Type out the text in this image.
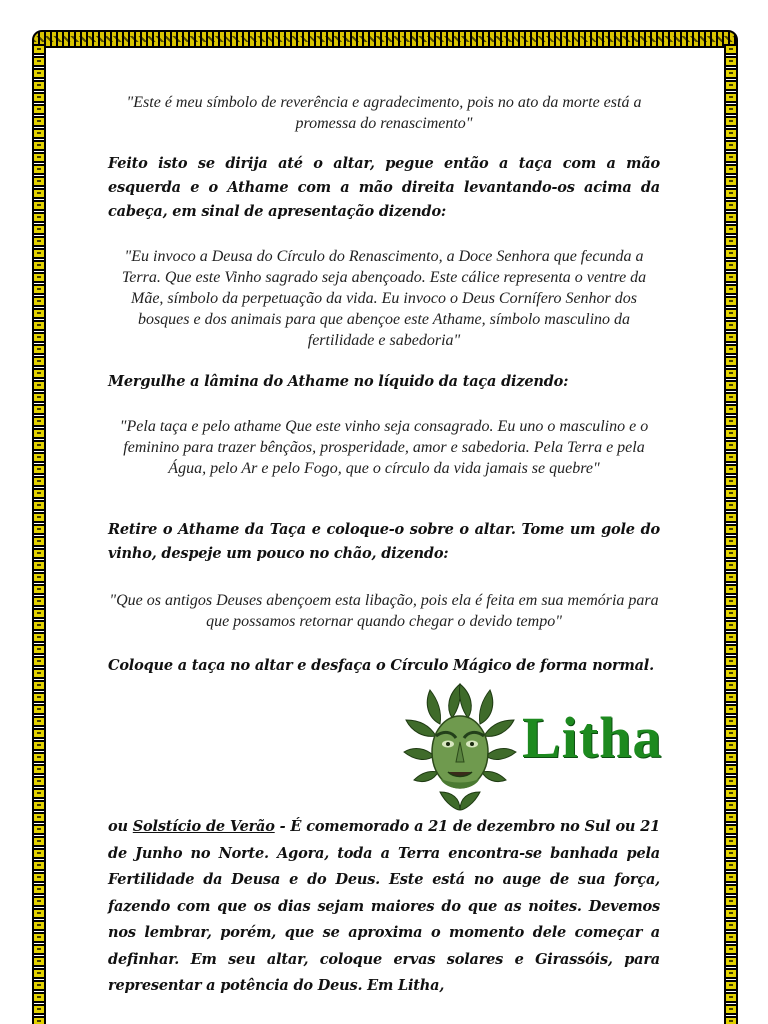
"Este é meu símbolo de reverência e agradecimento, pois no ato da morte está a promessa do renascimento"

Feito isto se dirija até o altar, pegue então a taça com a mão esquerda e o Athame com a mão direita levantando-os acima da cabeça, em sinal de apresentação dizendo:

"Eu invoco a Deusa do Círculo do Renascimento, a Doce Senhora que fecunda a Terra. Que este Vinho sagrado seja abençoado. Este cálice representa o ventre da Mãe, símbolo da perpetuação da vida. Eu invoco o Deus Cornífero Senhor dos bosques e dos animais para que abençoe este Athame, símbolo masculino da fertilidade e sabedoria"

Mergulhe a lâmina do Athame no líquido da taça dizendo:

"Pela taça e pelo athame Que este vinho seja consagrado. Eu uno o masculino e o feminino para trazer bênçãos, prosperidade, amor e sabedoria. Pela Terra e pela Água, pelo Ar e pelo Fogo, que o círculo da vida jamais se quebre"

Retire o Athame da Taça e coloque-o sobre o altar. Tome um gole do vinho, despeje um pouco no chão, dizendo:

"Que os antigos Deuses abençoem esta libação, pois ela é feita em sua memória para que possamos retornar quando chegar o devido tempo"

Coloque a taça no altar e desfaça o Círculo Mágico de forma normal.

Litha

ou Solstício de Verão - É comemorado a 21 de dezembro no Sul ou 21 de Junho no Norte. Agora, toda a Terra encontra-se banhada pela Fertilidade da Deusa e do Deus. Este está no auge de sua força, fazendo com que os dias sejam maiores do que as noites. Devemos nos lembrar, porém, que se aproxima o momento dele começar a definhar. Em seu altar, coloque ervas solares e Girassóis, para representar a potência do Deus. Em Litha,
